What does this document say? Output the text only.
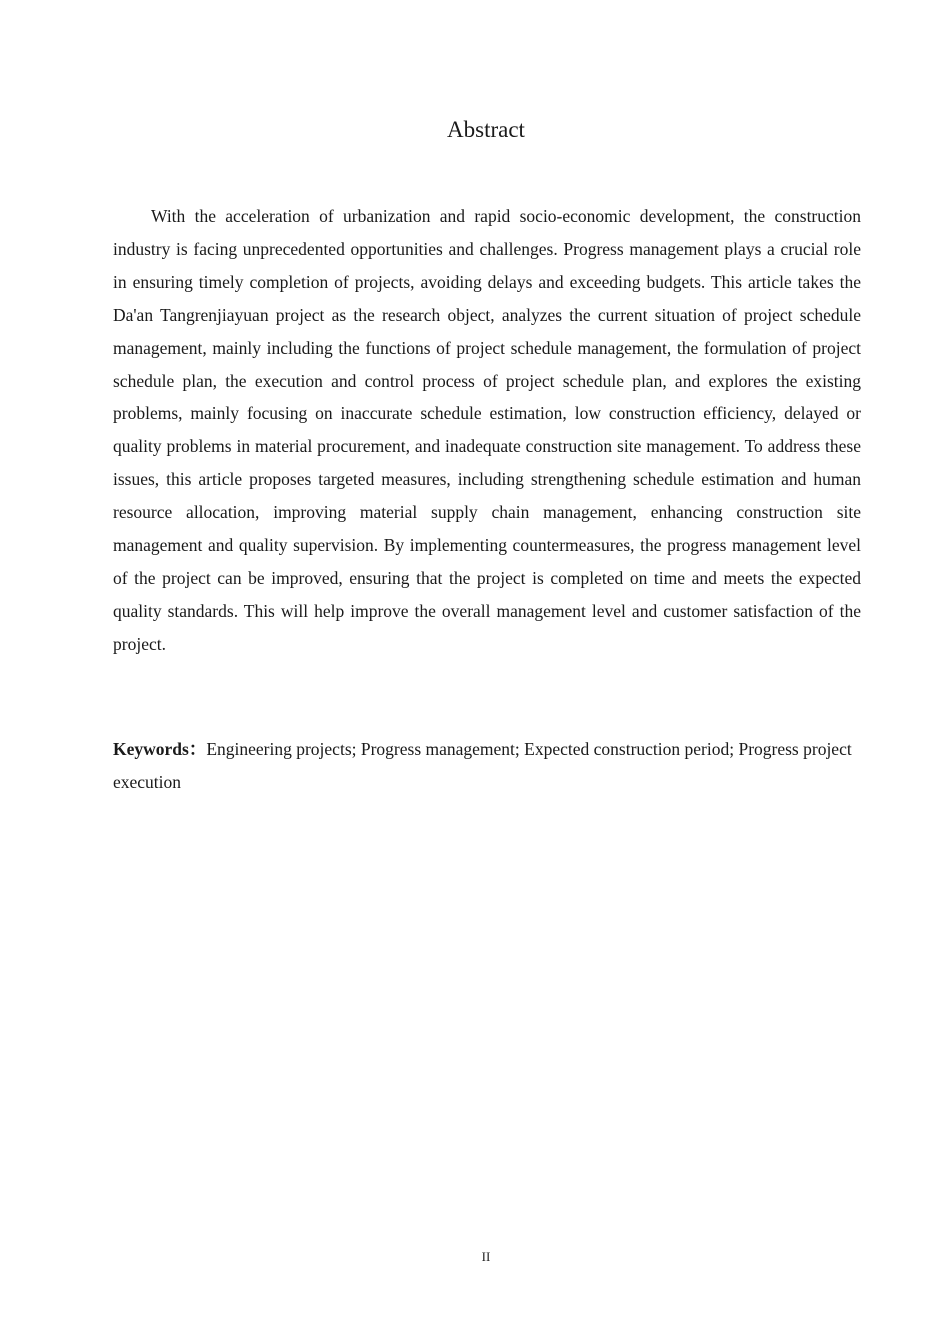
Abstract

With the acceleration of urbanization and rapid socio-economic development, the construction industry is facing unprecedented opportunities and challenges. Progress management plays a crucial role in ensuring timely completion of projects, avoiding delays and exceeding budgets. This article takes the Da'an Tangrenjiayuan project as the research object, analyzes the current situation of project schedule management, mainly including the functions of project schedule management, the formulation of project schedule plan, the execution and control process of project schedule plan, and explores the existing problems, mainly focusing on inaccurate schedule estimation, low construction efficiency, delayed or quality problems in material procurement, and inadequate construction site management. To address these issues, this article proposes targeted measures, including strengthening schedule estimation and human resource allocation, improving material supply chain management, enhancing construction site management and quality supervision. By implementing countermeasures, the progress management level of the project can be improved, ensuring that the project is completed on time and meets the expected quality standards. This will help improve the overall management level and customer satisfaction of the project.

Keywords：Engineering projects; Progress management; Expected construction period; Progress project execution

II
